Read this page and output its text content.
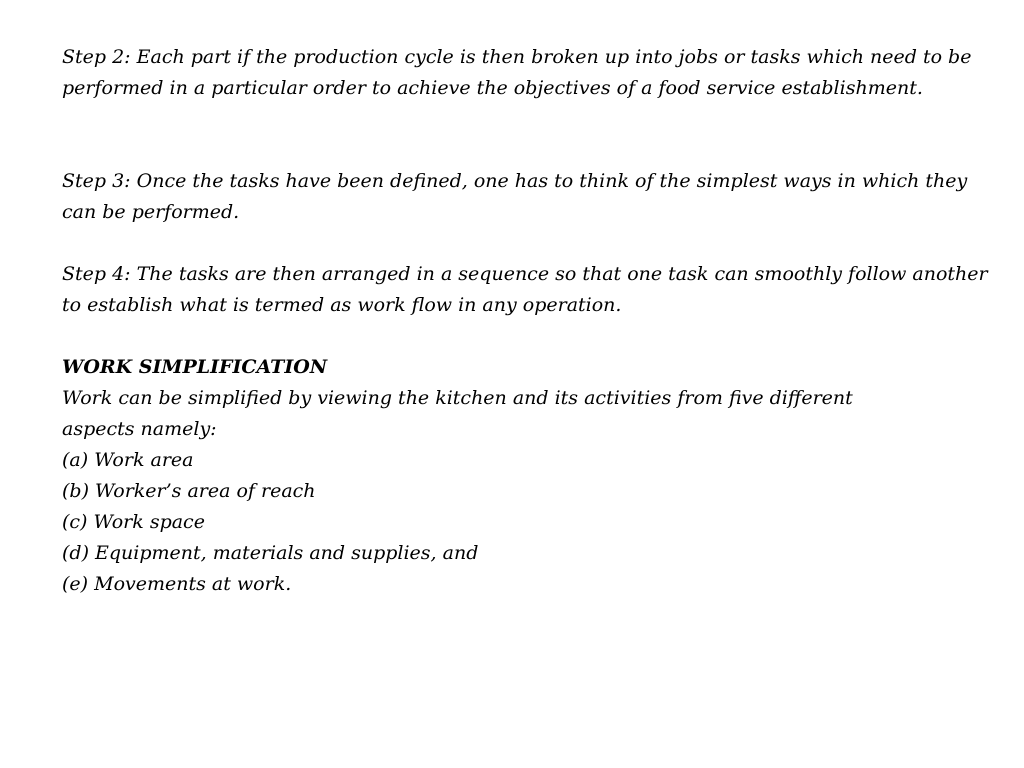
Step 2: Each part if the production cycle is then broken up into jobs or tasks which need to be performed in a particular order to achieve the objectives of a food service establishment.

Step 3: Once the tasks have been defined, one has to think of the simplest ways in which they can be performed.

Step 4: The tasks are then arranged in a sequence so that one task can smoothly follow another to establish what is termed as work flow in any operation.

WORK SIMPLIFICATION

Work can be simplified by viewing the kitchen and its activities from five different

aspects namely:

(a) Work area
(b) Worker’s area of reach
(c) Work space
(d) Equipment, materials and supplies, and
(e) Movements at work.
